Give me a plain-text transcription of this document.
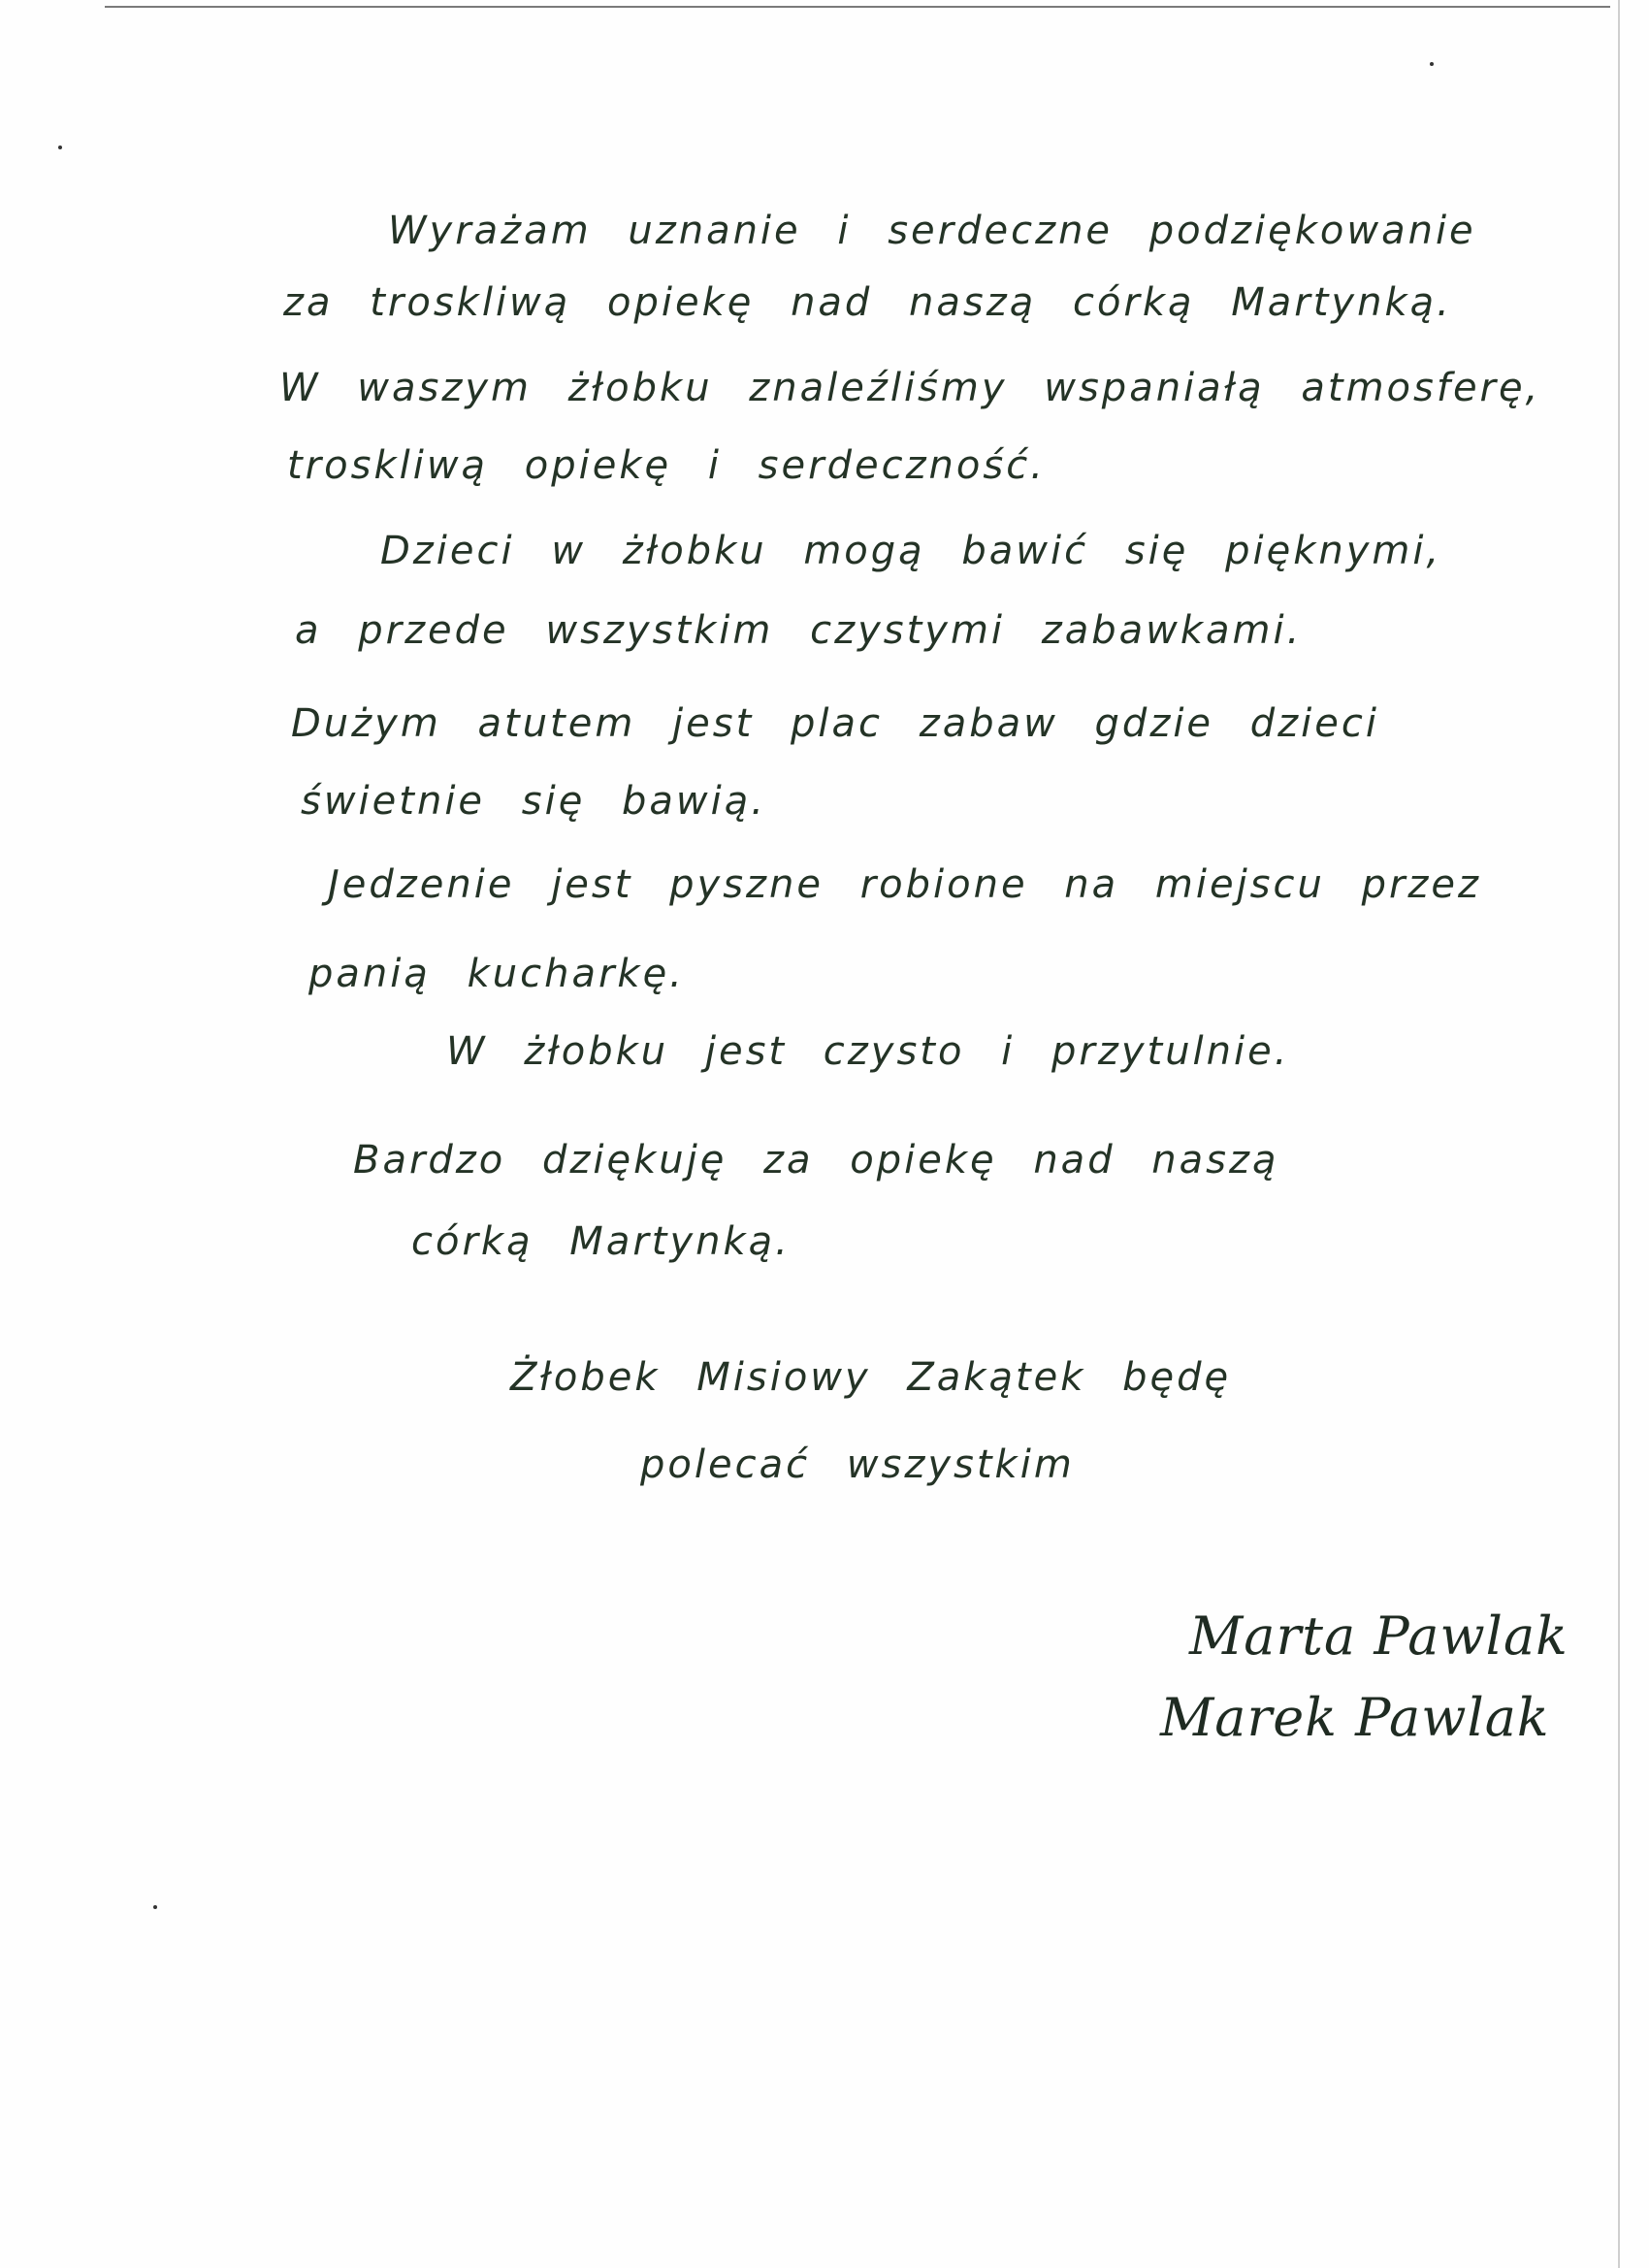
Wyrażam uznanie i serdeczne podziękowanie
za troskliwą opiekę nad naszą córką Martynką.
W waszym żłobku znaleźliśmy wspaniałą atmosferę,
troskliwą opiekę i serdeczność.
Dzieci w żłobku mogą bawić się pięknymi,
a przede wszystkim czystymi zabawkami.
Dużym atutem jest plac zabaw gdzie dzieci
świetnie się bawią.
Jedzenie jest pyszne robione na miejscu przez
panią kucharkę.
W żłobku jest czysto i przytulnie.
Bardzo dziękuję za opiekę nad naszą
córką Martynką.
Żłobek Misiowy Zakątek będę
polecać wszystkim
Marta Pawlak
Marek Pawlak
